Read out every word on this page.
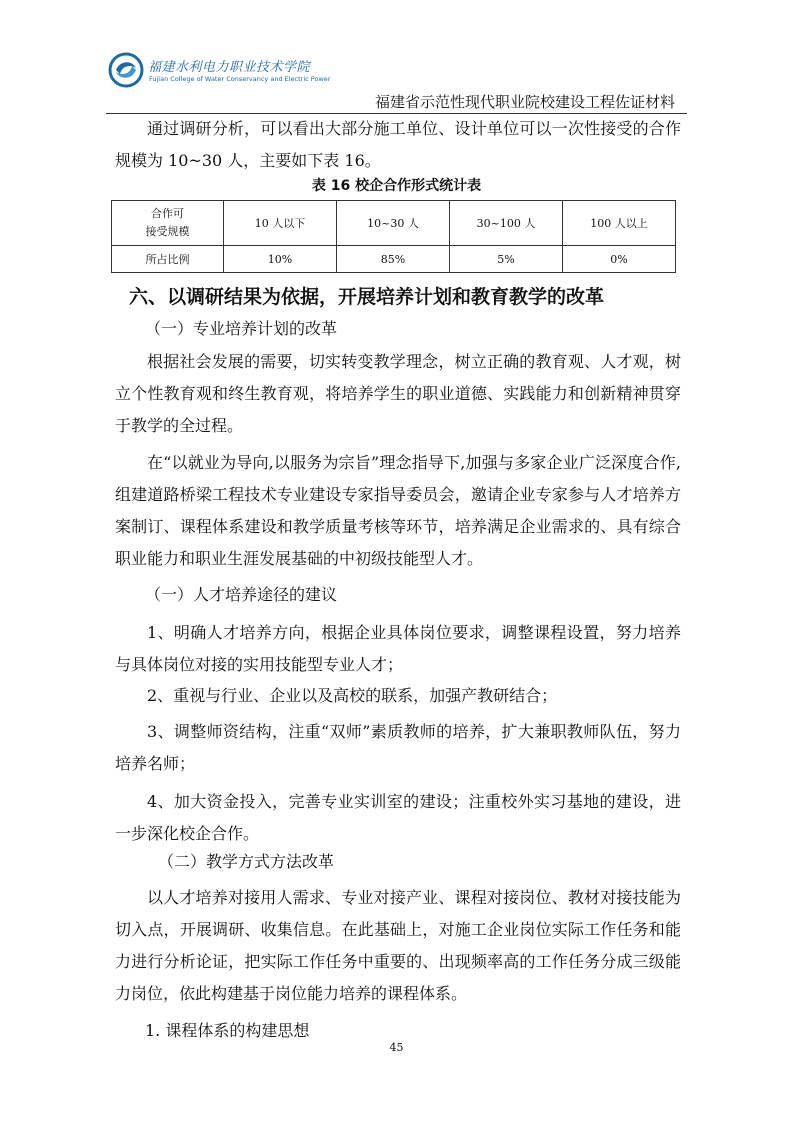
福建水利电力职业技术学院
Fujian College of Water Conservancy and Electric Power
福建省示范性现代职业院校建设工程佐证材料

通过调研分析，可以看出大部分施工单位、设计单位可以一次性接受的合作规模为 10~30 人，主要如下表 16。

表 16 校企合作形式统计表
合作可
接受规模	10 人以下	10~30 人	30~100 人	100 人以上
所占比例	10%	85%	5%	0%
六、以调研结果为依据，开展培养计划和教育教学的改革

（一）专业培养计划的改革

根据社会发展的需要，切实转变教学理念，树立正确的教育观、人才观，树立个性教育观和终生教育观，将培养学生的职业道德、实践能力和创新精神贯穿于教学的全过程。

在“以就业为导向,以服务为宗旨”理念指导下,加强与多家企业广泛深度合作,组建道路桥梁工程技术专业建设专家指导委员会，邀请企业专家参与人才培养方案制订、课程体系建设和教学质量考核等环节，培养满足企业需求的、具有综合职业能力和职业生涯发展基础的中初级技能型人才。

（一）人才培养途径的建议

1、明确人才培养方向，根据企业具体岗位要求，调整课程设置，努力培养与具体岗位对接的实用技能型专业人才；

2、重视与行业、企业以及高校的联系，加强产教研结合；

3、调整师资结构，注重“双师”素质教师的培养，扩大兼职教师队伍，努力培养名师；

4、加大资金投入，完善专业实训室的建设；注重校外实习基地的建设，进一步深化校企合作。

（二）教学方式方法改革

以人才培养对接用人需求、专业对接产业、课程对接岗位、教材对接技能为切入点，开展调研、收集信息。在此基础上，对施工企业岗位实际工作任务和能力进行分析论证，把实际工作任务中重要的、出现频率高的工作任务分成三级能力岗位，依此构建基于岗位能力培养的课程体系。

1. 课程体系的构建思想

45
